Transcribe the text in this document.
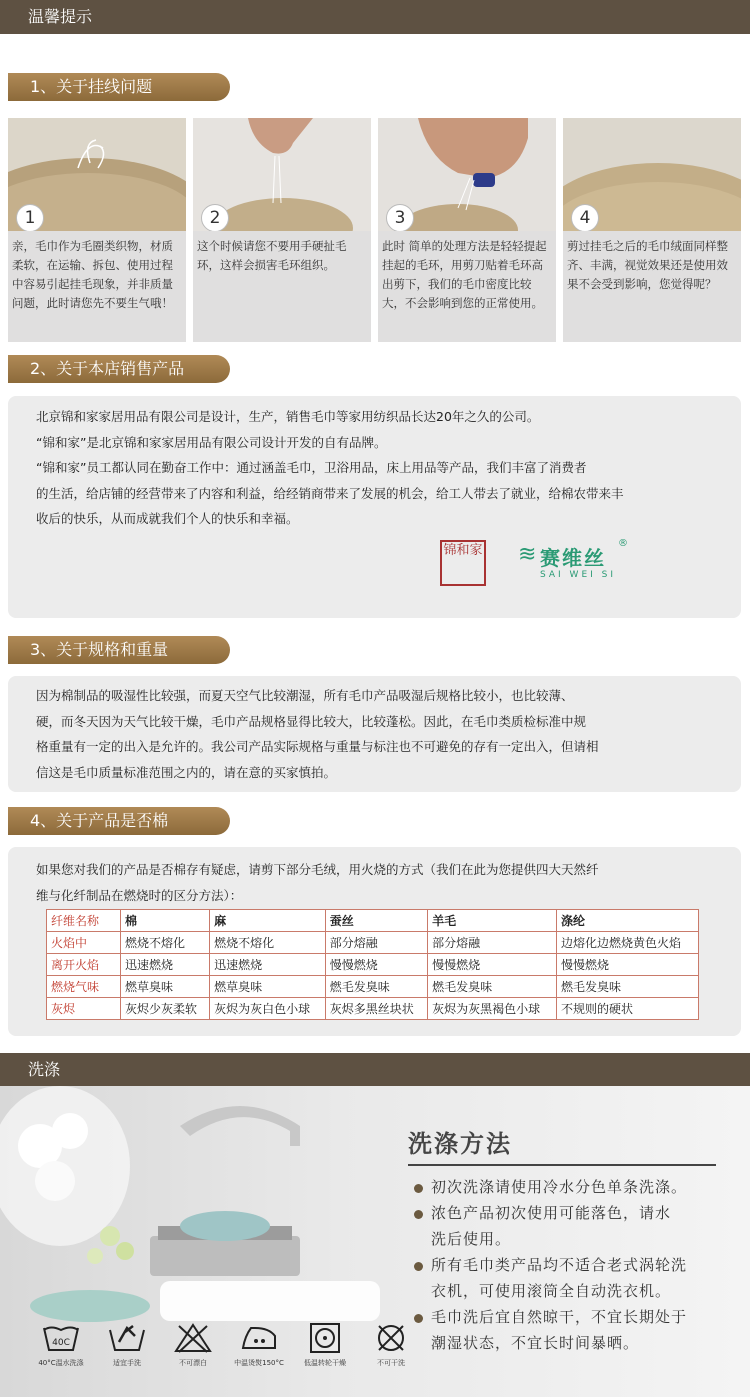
温馨提示
1、关于挂线问题
1	2	3	4
亲，毛巾作为毛圈类织物，材质柔软，在运输、拆包、使用过程中容易引起挂毛现象，并非质量问题，此时请您先不要生气哦！
这个时候请您不要用手硬扯毛环，这样会损害毛环组织。
此时 简单的处理方法是轻轻提起挂起的毛环，用剪刀贴着毛环高出剪下，我们的毛巾密度比较大，不会影响到您的正常使用。
剪过挂毛之后的毛巾绒面同样整齐、丰满，视觉效果还是使用效果不会受到影响，您觉得呢？
2、关于本店销售产品
北京锦和家家居用品有限公司是设计，生产，销售毛巾等家用纺织品长达20年之久的公司。
“锦和家”是北京锦和家家居用品有限公司设计开发的自有品牌。
“锦和家”员工都认同在勤奋工作中：通过涵盖毛巾，卫浴用品，床上用品等产品，我们丰富了消费者
的生活，给店铺的经营带来了内容和利益，给经销商带来了发展的机会，给工人带去了就业，给棉农带来丰
收后的快乐，从而成就我们个人的快乐和幸福。
锦和家 ≋ 赛维丝
®
SAI WEI SI
3、关于规格和重量
因为棉制品的吸湿性比较强，而夏天空气比较潮湿，所有毛巾产品吸湿后规格比较小，也比较薄、
硬，而冬天因为天气比较干燥，毛巾产品规格显得比较大，比较蓬松。因此，在毛巾类质检标准中规
格重量有一定的出入是允许的。我公司产品实际规格与重量与标注也不可避免的存有一定出入，但请相
信这是毛巾质量标准范围之内的，请在意的买家慎拍。
4、关于产品是否棉
如果您对我们的产品是否棉存有疑虑，请剪下部分毛绒，用火烧的方式（我们在此为您提供四大天然纤
维与化纤制品在燃烧时的区分方法）：
纤维名称	棉	麻	蚕丝	羊毛	涤纶
火焰中	燃烧不熔化	燃烧不熔化	部分熔融	部分熔融	边熔化边燃烧黄色火焰
离开火焰	迅速燃烧	迅速燃烧	慢慢燃烧	慢慢燃烧	慢慢燃烧
燃烧气味	燃草臭味	燃草臭味	燃毛发臭味	燃毛发臭味	燃毛发臭味
灰烬	灰烬少灰柔软	灰烬为灰白色小球	灰烬多黑丝块状	灰烬为灰黑褐色小球	不规则的硬状
洗涤
洗涤方法
初次洗涤请使用冷水分色单条洗涤。
浓色产品初次使用可能落色，请水
洗后使用。
所有毛巾类产品均不适合老式涡轮洗
衣机，可使用滚筒全自动洗衣机。
毛巾洗后宜自然晾干，不宜长期处于
潮湿状态，不宜长时间暴晒。
40C
40°C温水洗涤	适宜手洗	不可漂白	中温烫熨150°C	低温转轮干燥	不可干洗
